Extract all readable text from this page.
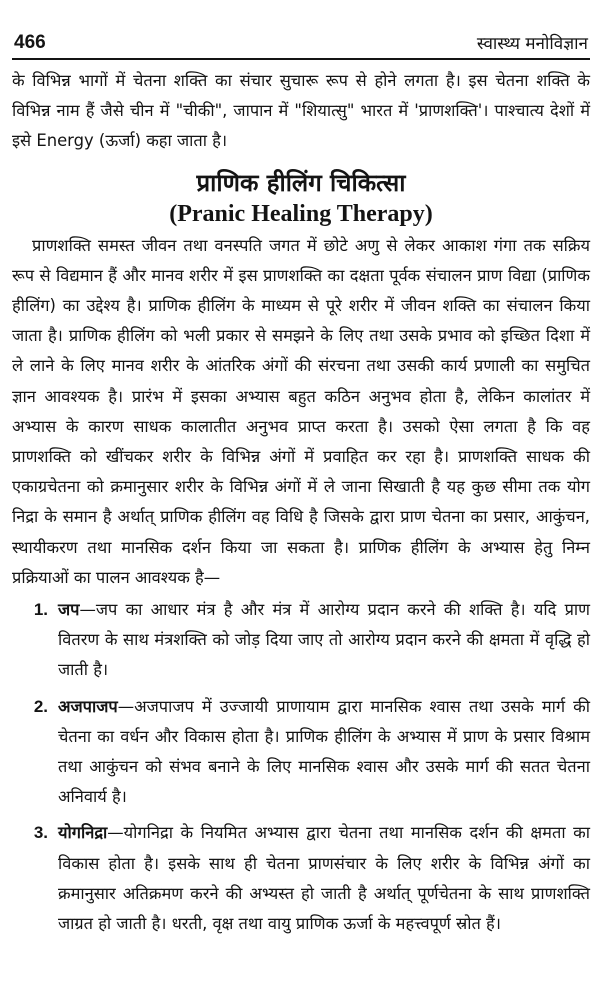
466	स्वास्थ्य मनोविज्ञान

के विभिन्न भागों में चेतना शक्ति का संचार सुचारू रूप से होने लगता है। इस चेतना शक्ति के विभिन्न नाम हैं जैसे चीन में "चीकी", जापान में "शियात्सु" भारत में 'प्राणशक्ति'। पाश्चात्य देशों में इसे Energy (ऊर्जा) कहा जाता है।

प्राणिक हीलिंग चिकित्सा
(Pranic Healing Therapy)

प्राणशक्ति समस्त जीवन तथा वनस्पति जगत में छोटे अणु से लेकर आकाश गंगा तक सक्रिय रूप से विद्यमान हैं और मानव शरीर में इस प्राणशक्ति का दक्षता पूर्वक संचालन प्राण विद्या (प्राणिक हीलिंग) का उद्देश्य है। प्राणिक हीलिंग के माध्यम से पूरे शरीर में जीवन शक्ति का संचालन किया जाता है। प्राणिक हीलिंग को भली प्रकार से समझने के लिए तथा उसके प्रभाव को इच्छित दिशा में ले लाने के लिए मानव शरीर के आंतरिक अंगों की संरचना तथा उसकी कार्य प्रणाली का समुचित ज्ञान आवश्यक है। प्रारंभ में इसका अभ्यास बहुत कठिन अनुभव होता है, लेकिन कालांतर में अभ्यास के कारण साधक कालातीत अनुभव प्राप्त करता है। उसको ऐसा लगता है कि वह प्राणशक्ति को खींचकर शरीर के विभिन्न अंगों में प्रवाहित कर रहा है। प्राणशक्ति साधक की एकाग्रचेतना को क्रमानुसार शरीर के विभिन्न अंगों में ले जाना सिखाती है यह कुछ सीमा तक योग निद्रा के समान है अर्थात् प्राणिक हीलिंग वह विधि है जिसके द्वारा प्राण चेतना का प्रसार, आकुंचन, स्थायीकरण तथा मानसिक दर्शन किया जा सकता है। प्राणिक हीलिंग के अभ्यास हेतु निम्न प्रक्रियाओं का पालन आवश्यक है—

1. जप—जप का आधार मंत्र है और मंत्र में आरोग्य प्रदान करने की शक्ति है। यदि प्राण वितरण के साथ मंत्रशक्ति को जोड़ दिया जाए तो आरोग्य प्रदान करने की क्षमता में वृद्धि हो जाती है।
2. अजपाजप—अजपाजप में उज्जायी प्राणायाम द्वारा मानसिक श्वास तथा उसके मार्ग की चेतना का वर्धन और विकास होता है। प्राणिक हीलिंग के अभ्यास में प्राण के प्रसार विश्राम तथा आकुंचन को संभव बनाने के लिए मानसिक श्वास और उसके मार्ग की सतत चेतना अनिवार्य है।
3. योगनिद्रा—योगनिद्रा के नियमित अभ्यास द्वारा चेतना तथा मानसिक दर्शन की क्षमता का विकास होता है। इसके साथ ही चेतना प्राणसंचार के लिए शरीर के विभिन्न अंगों का क्रमानुसार अतिक्रमण करने की अभ्यस्त हो जाती है अर्थात् पूर्णचेतना के साथ प्राणशक्ति जाग्रत हो जाती है। धरती, वृक्ष तथा वायु प्राणिक ऊर्जा के महत्त्वपूर्ण स्रोत हैं।
